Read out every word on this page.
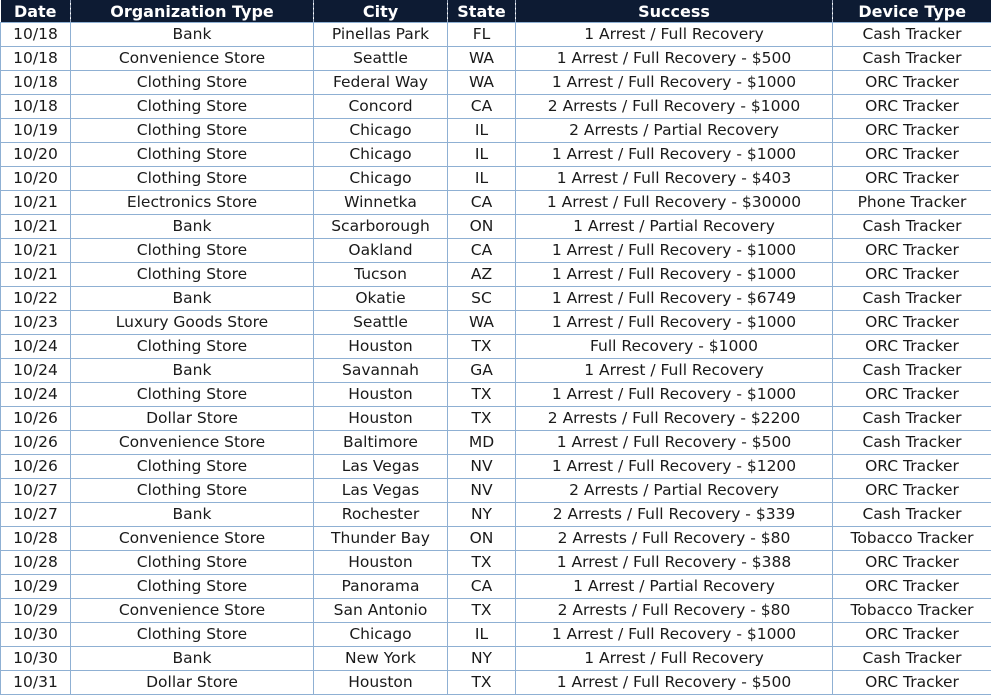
Date	Organization Type	City	State	Success	Device Type
10/18	Bank	Pinellas Park	FL	1 Arrest / Full Recovery	Cash Tracker
10/18	Convenience Store	Seattle	WA	1 Arrest / Full Recovery - $500	Cash Tracker
10/18	Clothing Store	Federal Way	WA	1 Arrest / Full Recovery - $1000	ORC Tracker
10/18	Clothing Store	Concord	CA	2 Arrests / Full Recovery - $1000	ORC Tracker
10/19	Clothing Store	Chicago	IL	2 Arrests / Partial Recovery	ORC Tracker
10/20	Clothing Store	Chicago	IL	1 Arrest / Full Recovery - $1000	ORC Tracker
10/20	Clothing Store	Chicago	IL	1 Arrest / Full Recovery - $403	ORC Tracker
10/21	Electronics Store	Winnetka	CA	1 Arrest / Full Recovery - $30000	Phone Tracker
10/21	Bank	Scarborough	ON	1 Arrest / Partial Recovery	Cash Tracker
10/21	Clothing Store	Oakland	CA	1 Arrest / Full Recovery - $1000	ORC Tracker
10/21	Clothing Store	Tucson	AZ	1 Arrest / Full Recovery - $1000	ORC Tracker
10/22	Bank	Okatie	SC	1 Arrest / Full Recovery - $6749	Cash Tracker
10/23	Luxury Goods Store	Seattle	WA	1 Arrest / Full Recovery - $1000	ORC Tracker
10/24	Clothing Store	Houston	TX	Full Recovery - $1000	ORC Tracker
10/24	Bank	Savannah	GA	1 Arrest / Full Recovery	Cash Tracker
10/24	Clothing Store	Houston	TX	1 Arrest / Full Recovery - $1000	ORC Tracker
10/26	Dollar Store	Houston	TX	2 Arrests / Full Recovery - $2200	Cash Tracker
10/26	Convenience Store	Baltimore	MD	1 Arrest / Full Recovery - $500	Cash Tracker
10/26	Clothing Store	Las Vegas	NV	1 Arrest / Full Recovery - $1200	ORC Tracker
10/27	Clothing Store	Las Vegas	NV	2 Arrests / Partial Recovery	ORC Tracker
10/27	Bank	Rochester	NY	2 Arrests / Full Recovery - $339	Cash Tracker
10/28	Convenience Store	Thunder Bay	ON	2 Arrests / Full Recovery - $80	Tobacco Tracker
10/28	Clothing Store	Houston	TX	1 Arrest / Full Recovery - $388	ORC Tracker
10/29	Clothing Store	Panorama	CA	1 Arrest / Partial Recovery	ORC Tracker
10/29	Convenience Store	San Antonio	TX	2 Arrests / Full Recovery - $80	Tobacco Tracker
10/30	Clothing Store	Chicago	IL	1 Arrest / Full Recovery - $1000	ORC Tracker
10/30	Bank	New York	NY	1 Arrest / Full Recovery	Cash Tracker
10/31	Dollar Store	Houston	TX	1 Arrest / Full Recovery - $500	ORC Tracker
